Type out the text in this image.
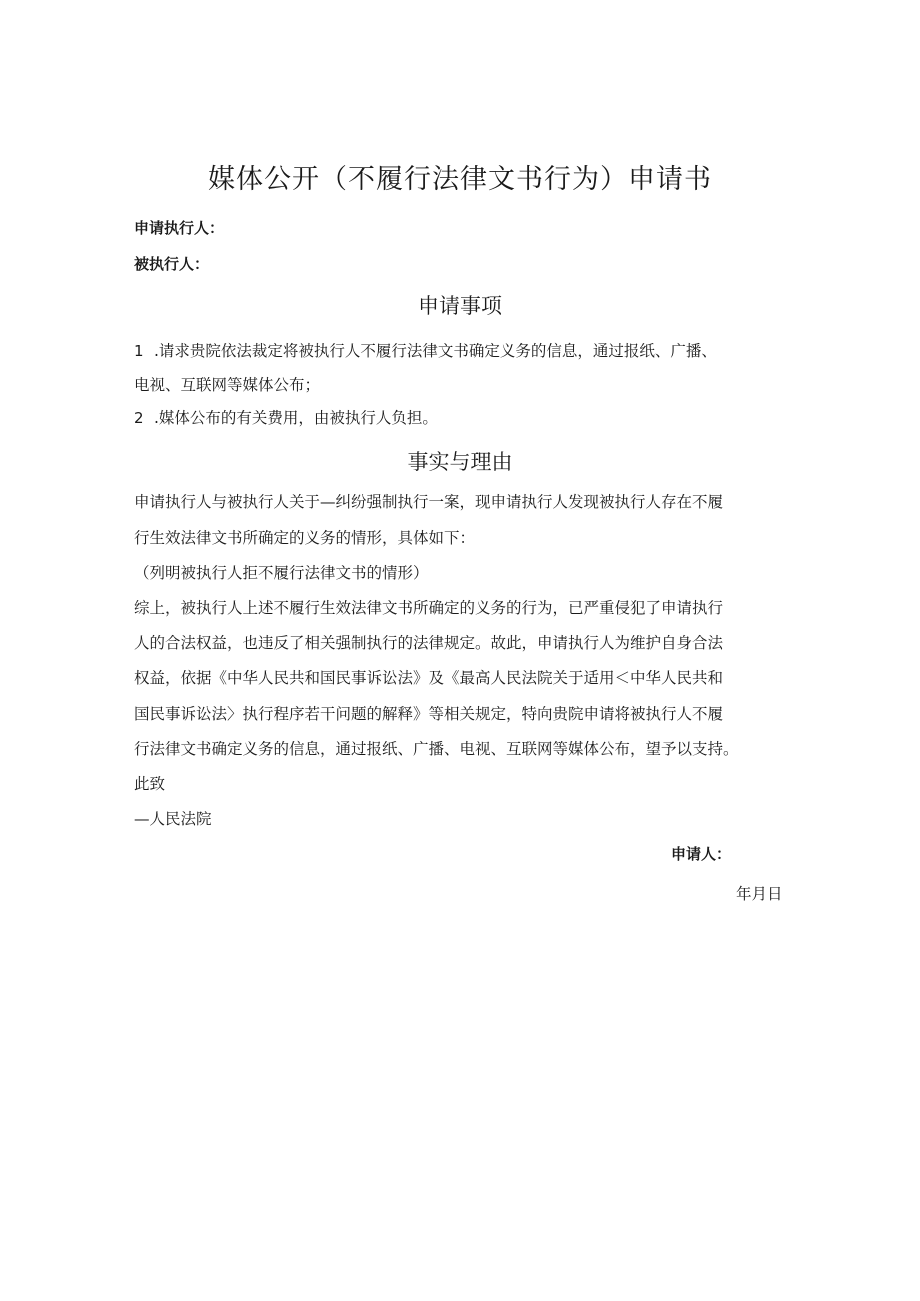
媒体公开（不履行法律文书行为）申请书
申请执行人：
被执行人：
申请事项
1 .请求贵院依法裁定将被执行人不履行法律文书确定义务的信息，通过报纸、广播、
电视、互联网等媒体公布；
2 .媒体公布的有关费用，由被执行人负担。
事实与理由
申请执行人与被执行人关于—纠纷强制执行一案，现申请执行人发现被执行人存在不履
行生效法律文书所确定的义务的情形，具体如下：
（列明被执行人拒不履行法律文书的情形）
综上，被执行人上述不履行生效法律文书所确定的义务的行为，已严重侵犯了申请执行
人的合法权益，也违反了相关强制执行的法律规定。故此，申请执行人为维护自身合法
权益，依据《中华人民共和国民事诉讼法》及《最高人民法院关于适用＜中华人民共和
国民事诉讼法〉执行程序若干问题的解释》等相关规定，特向贵院申请将被执行人不履
行法律文书确定义务的信息，通过报纸、广播、电视、互联网等媒体公布，望予以支持。
此致
—人民法院
申请人：
年月日
